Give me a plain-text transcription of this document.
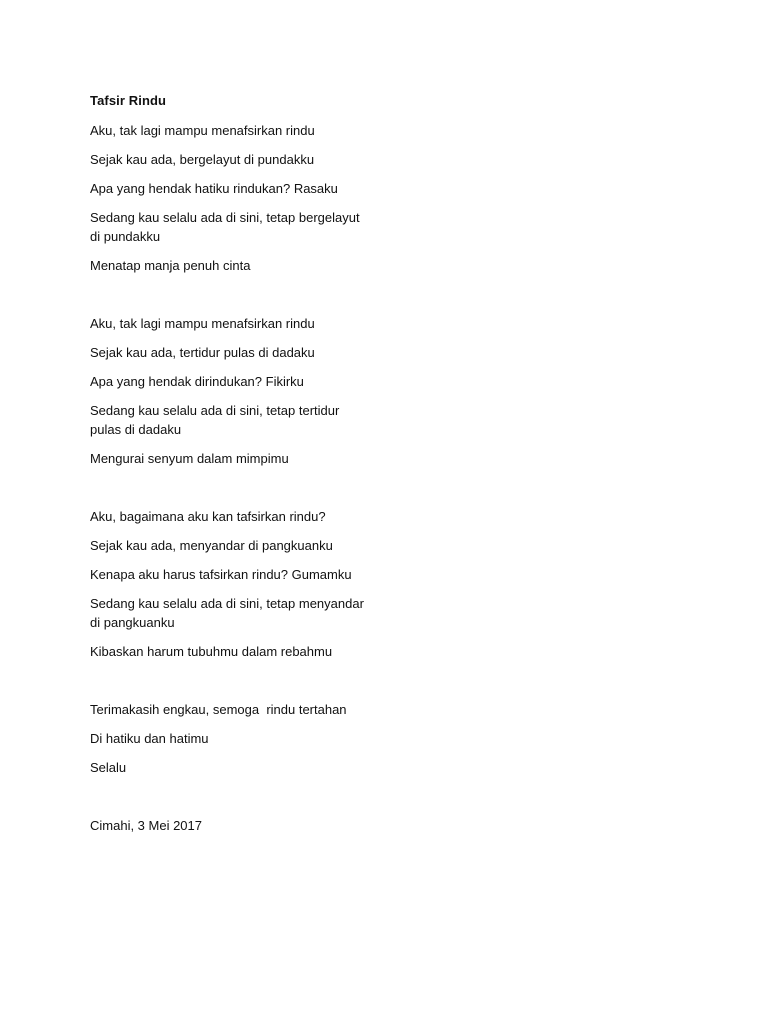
Tafsir Rindu
Aku, tak lagi mampu menafsirkan rindu
Sejak kau ada, bergelayut di pundakku
Apa yang hendak hatiku rindukan? Rasaku
Sedang kau selalu ada di sini, tetap bergelayut di pundakku
Menatap manja penuh cinta
Aku, tak lagi mampu menafsirkan rindu
Sejak kau ada, tertidur pulas di dadaku
Apa yang hendak dirindukan? Fikirku
Sedang kau selalu ada di sini, tetap tertidur pulas di dadaku
Mengurai senyum dalam mimpimu
Aku, bagaimana aku kan tafsirkan rindu?
Sejak kau ada, menyandar di pangkuanku
Kenapa aku harus tafsirkan rindu? Gumamku
Sedang kau selalu ada di sini, tetap menyandar di pangkuanku
Kibaskan harum tubuhmu dalam rebahmu
Terimakasih engkau, semoga  rindu tertahan
Di hatiku dan hatimu
Selalu
Cimahi, 3 Mei 2017
